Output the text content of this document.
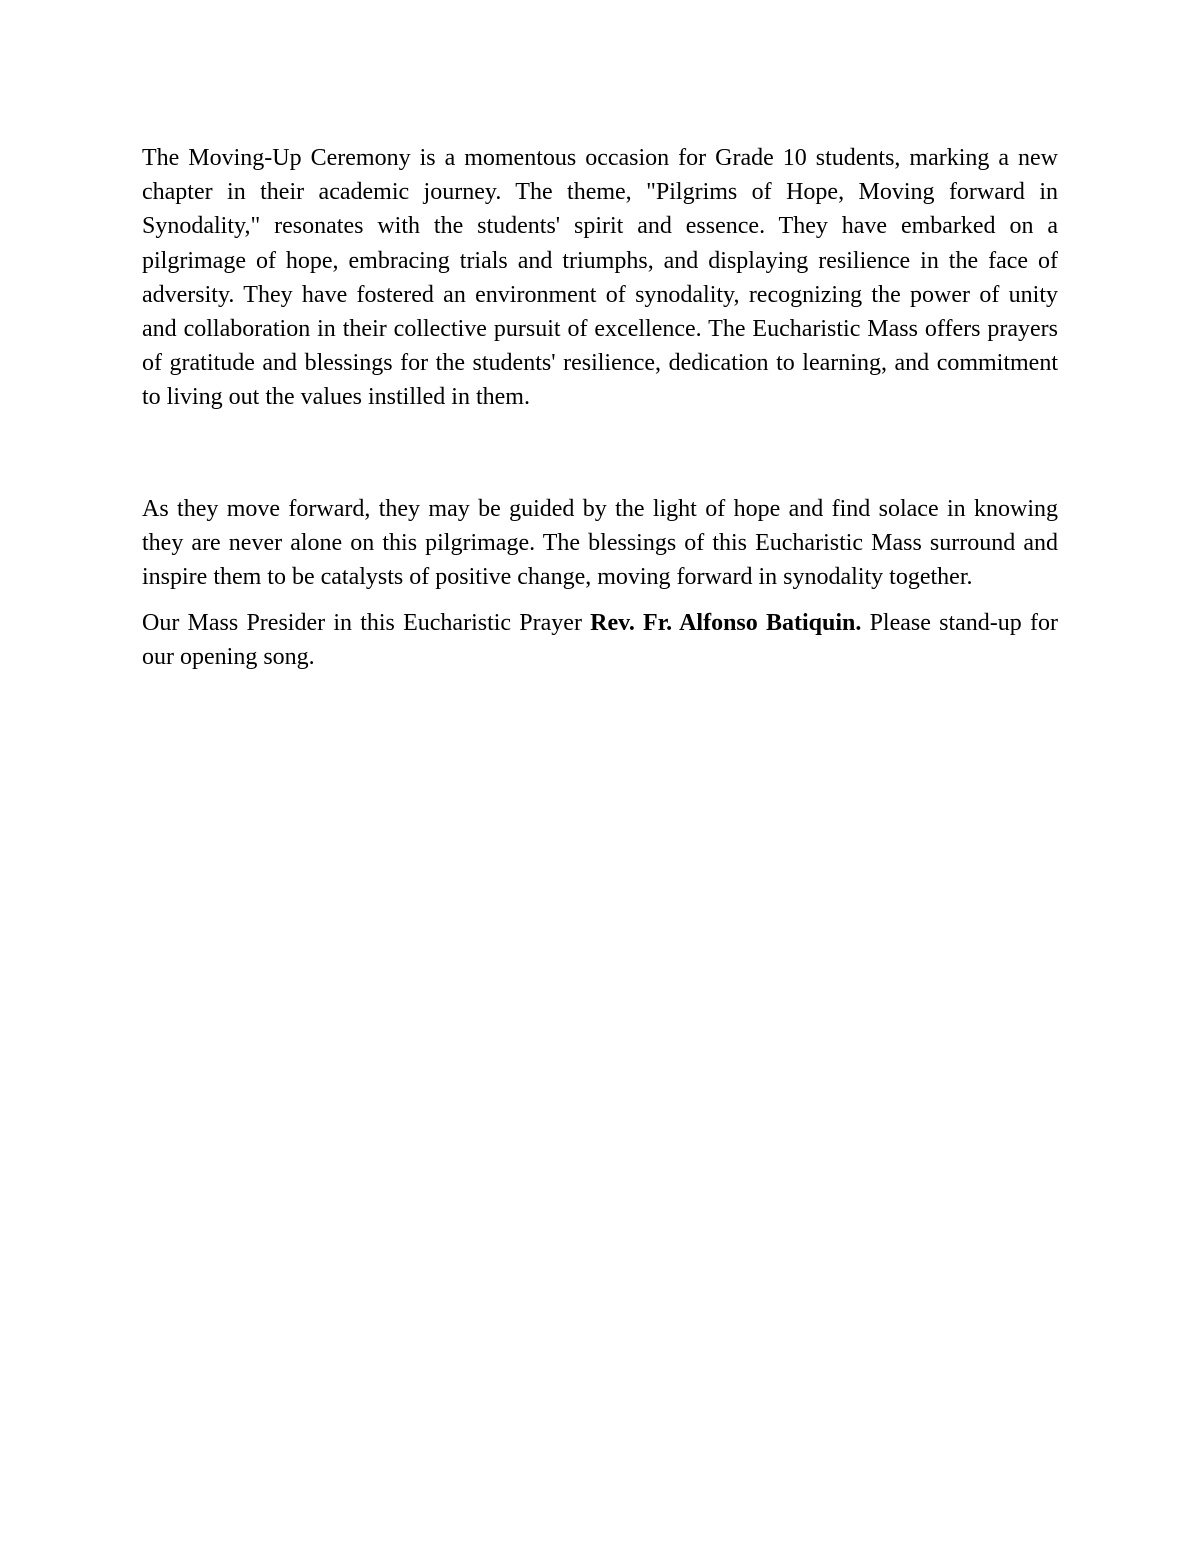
The Moving-Up Ceremony is a momentous occasion for Grade 10 students, marking a new chapter in their academic journey. The theme, "Pilgrims of Hope, Moving forward in Synodality," resonates with the students' spirit and essence. They have embarked on a pilgrimage of hope, embracing trials and triumphs, and displaying resilience in the face of adversity. They have fostered an environment of synodality, recognizing the power of unity and collaboration in their collective pursuit of excellence. The Eucharistic Mass offers prayers of gratitude and blessings for the students' resilience, dedication to learning, and commitment to living out the values instilled in them.

As they move forward, they may be guided by the light of hope and find solace in knowing they are never alone on this pilgrimage. The blessings of this Eucharistic Mass surround and inspire them to be catalysts of positive change, moving forward in synodality together.

Our Mass Presider in this Eucharistic Prayer Rev. Fr. Alfonso Batiquin. Please stand-up for our opening song.
